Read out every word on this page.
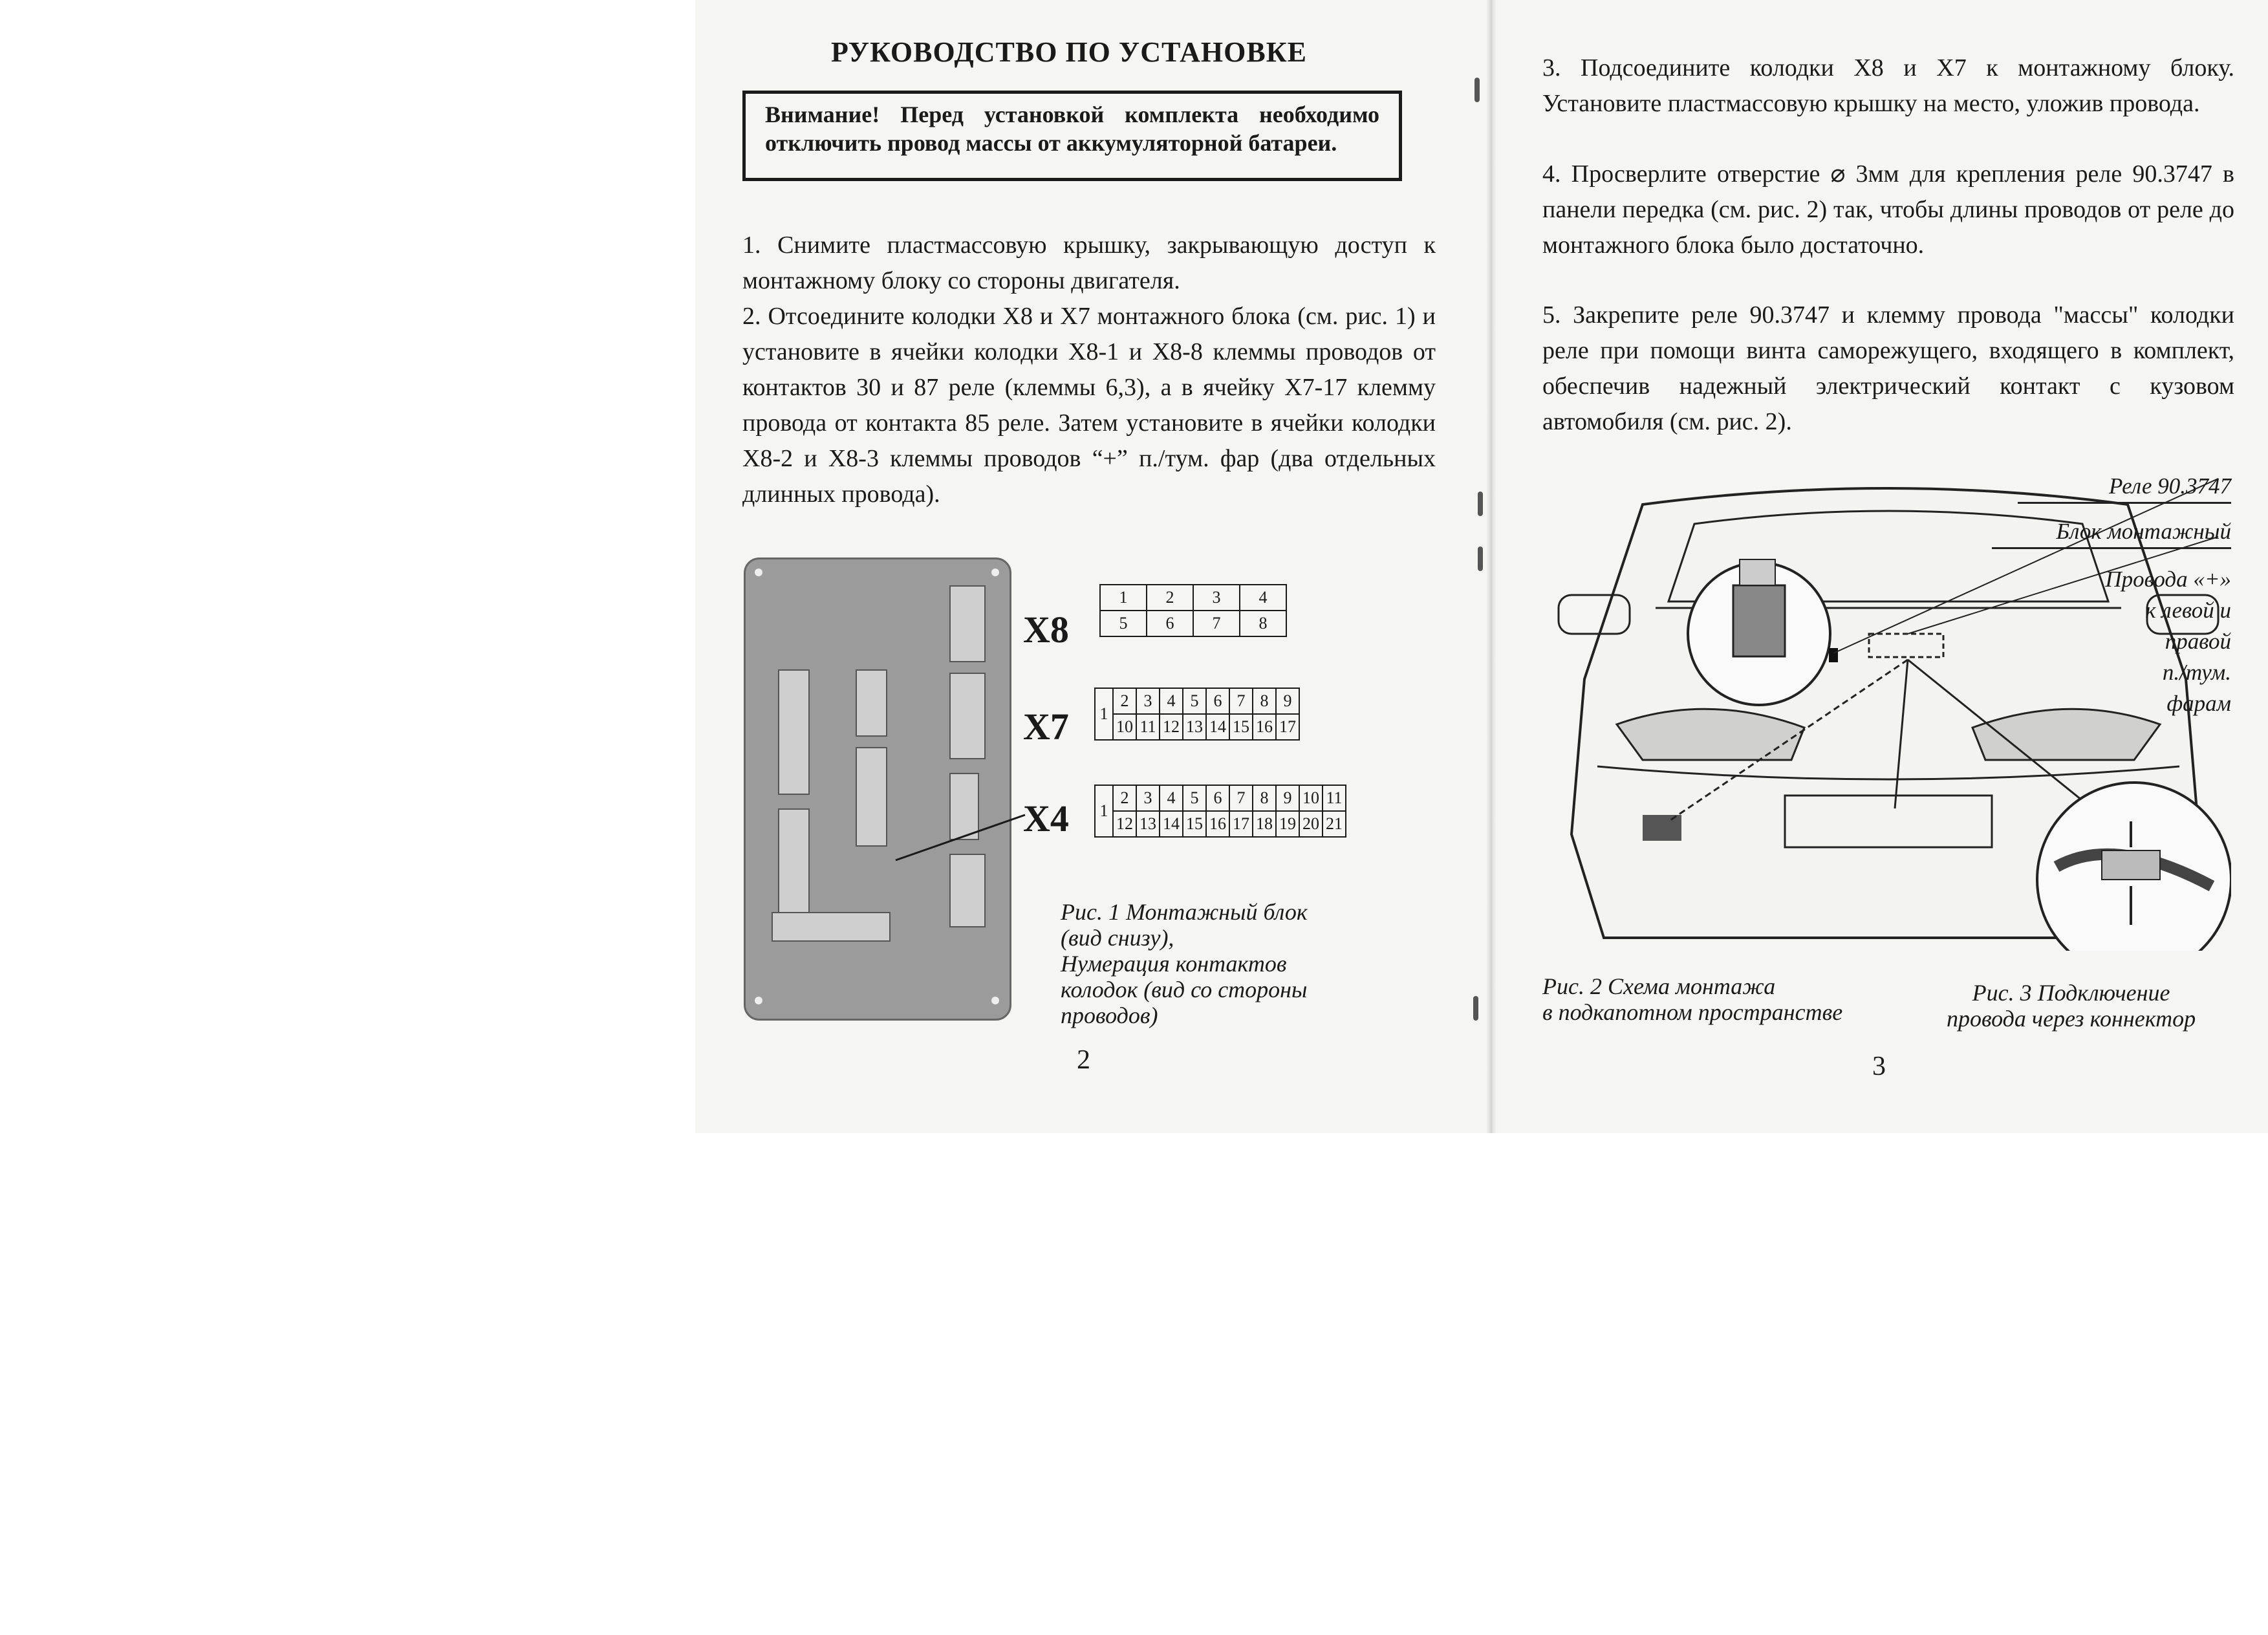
РУКОВОДСТВО ПО УСТАНОВКЕ
Внимание! Перед установкой комплекта необходимо отключить провод массы от аккумуляторной батареи.
1. Снимите пластмассовую крышку, закрывающую доступ к монтажному блоку со стороны двигателя.
2. Отсоедините колодки Х8 и Х7 монтажного блока (см. рис. 1) и установите в ячейки колодки Х8-1 и Х8-8 клеммы проводов от контактов 30 и 87 реле (клеммы 6,3), а в ячейку Х7-17 клемму провода от контакта 85 реле. Затем установите в ячейки колодки Х8-2 и Х8-3 клеммы проводов “+” п./тум. фар (два отдельных длинных провода).
X8
X7
X4
1	2	3	4
5	6	7	8
1	2	3	4	5	6	7	8	9
	10	11	12	13	14	15	16	17
1	2	3	4	5	6	7	8	9	10	11
	12	13	14	15	16	17	18	19	20	21
Рис. 1 Монтажный блок
(вид снизу),
Нумерация контактов
колодок (вид со стороны
проводов)
2
3. Подсоедините колодки Х8 и Х7 к монтажному блоку. Установите пластмассовую крышку на место, уложив провода.
4. Просверлите отверстие ⌀ 3мм для крепления реле 90.3747 в панели передка (см. рис. 2) так, чтобы длины проводов от реле до монтажного блока было достаточно.
5. Закрепите реле 90.3747 и клемму провода "массы" колодки реле при помощи винта саморежущего, входящего в комплект, обеспечив надежный электрический контакт с кузовом автомобиля (см. рис. 2).
Реле 90.3747
Блок монтажный
Провода «+»
к левой и
правой
п./тум.
фарам
Рис. 2 Схема монтажа
в подкапотном пространстве
Рис. 3 Подключение
провода через коннектор
3
